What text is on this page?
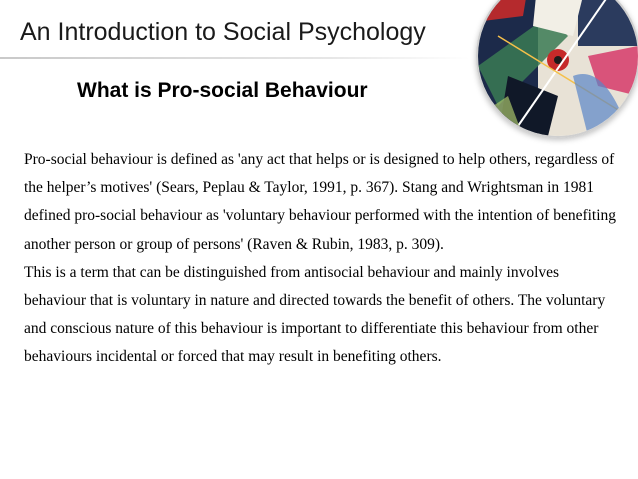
An Introduction to Social Psychology
What is Pro-social Behaviour

Pro-social behaviour is defined as 'any act that helps or is designed to help others, regardless of the helper’s motives' (Sears, Peplau & Taylor, 1991, p. 367). Stang and Wrightsman in 1981 defined pro-social behaviour as 'voluntary behaviour performed with the intention of benefiting another person or group of persons' (Raven & Rubin, 1983, p. 309).

This is a term that can be distinguished from antisocial behaviour and mainly involves behaviour that is voluntary in nature and directed towards the benefit of others. The voluntary and conscious nature of this behaviour is important to differentiate this behaviour from other behaviours incidental or forced that may result in benefiting others.
